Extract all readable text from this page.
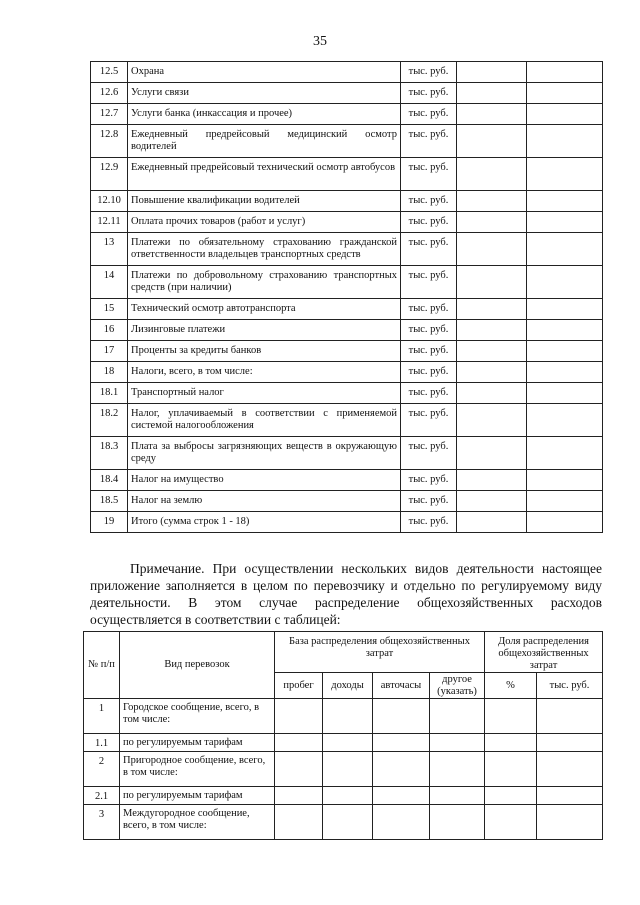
35
12.5	Охрана	тыс. руб.		
12.6	Услуги связи	тыс. руб.		
12.7	Услуги банка (инкассация и прочее)	тыс. руб.		
12.8	Ежедневный предрейсовый медицинский осмотр водителей	тыс. руб.		
12.9	Ежедневный предрейсовый технический осмотр автобусов	тыс. руб.		
12.10	Повышение квалификации водителей	тыс. руб.		
12.11	Оплата прочих товаров (работ и услуг)	тыс. руб.		
13	Платежи по обязательному страхованию гражданской ответственности владельцев транспортных средств	тыс. руб.		
14	Платежи по добровольному страхованию транспортных средств (при наличии)	тыс. руб.		
15	Технический осмотр автотранспорта	тыс. руб.		
16	Лизинговые платежи	тыс. руб.		
17	Проценты за кредиты банков	тыс. руб.		
18	Налоги, всего, в том числе:	тыс. руб.		
18.1	Транспортный налог	тыс. руб.		
18.2	Налог, уплачиваемый в соответствии с применяемой системой налогообложения	тыс. руб.		
18.3	Плата за выбросы загрязняющих веществ в окружающую среду	тыс. руб.		
18.4	Налог на имущество	тыс. руб.		
18.5	Налог на землю	тыс. руб.		
19	Итого (сумма строк 1 - 18)	тыс. руб.		
Примечание. При осуществлении нескольких видов деятельности настоящее приложение заполняется в целом по перевозчику и отдельно по регулируемому виду деятельности. В этом случае распределение общехозяйственных расходов осуществляется в соответствии с таблицей:
№ п/п	Вид перевозок	База распределения общехозяйственных затрат				Доля распределения общехозяйственных затрат	
		пробег	доходы	авточасы	другое (указать)	%	тыс. руб.
1	Городское сообщение, всего, в том числе:						
1.1	по регулируемым тарифам						
2	Пригородное сообщение, всего, в том числе:						
2.1	по регулируемым тарифам						
3	Междугородное сообщение, всего, в том числе:						
